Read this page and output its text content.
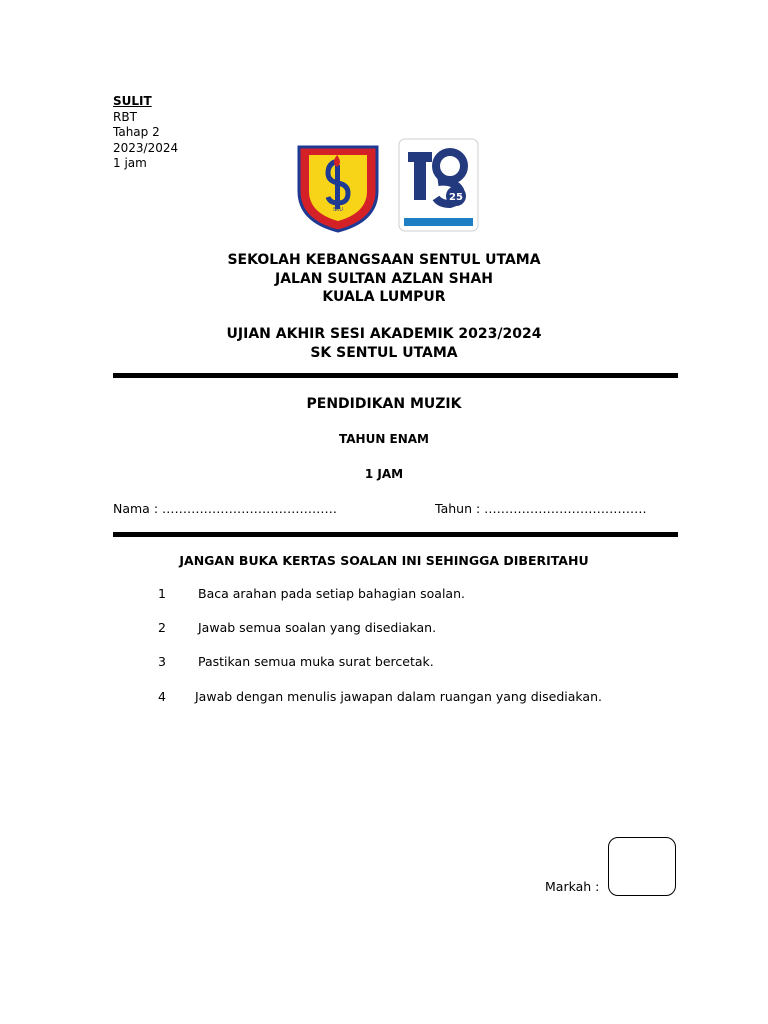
SULIT
RBT
Tahap 2
2023/2024
1 jam
SKU
25
SEKOLAH KEBANGSAAN SENTUL UTAMA
JALAN SULTAN AZLAN SHAH
KUALA LUMPUR
UJIAN AKHIR SESI AKADEMIK 2023/2024
SK SENTUL UTAMA
PENDIDIKAN MUZIK
TAHUN ENAM
1 JAM
Nama : ……………………………………	Tahun : …………………………………
JANGAN BUKA KERTAS SOALAN INI SEHINGGA DIBERITAHU
1	Baca arahan pada setiap bahagian soalan.
2	Jawab semua soalan yang disediakan.
3	Pastikan semua muka surat bercetak.
4 Jawab dengan menulis jawapan dalam ruangan yang disediakan.
Markah :
